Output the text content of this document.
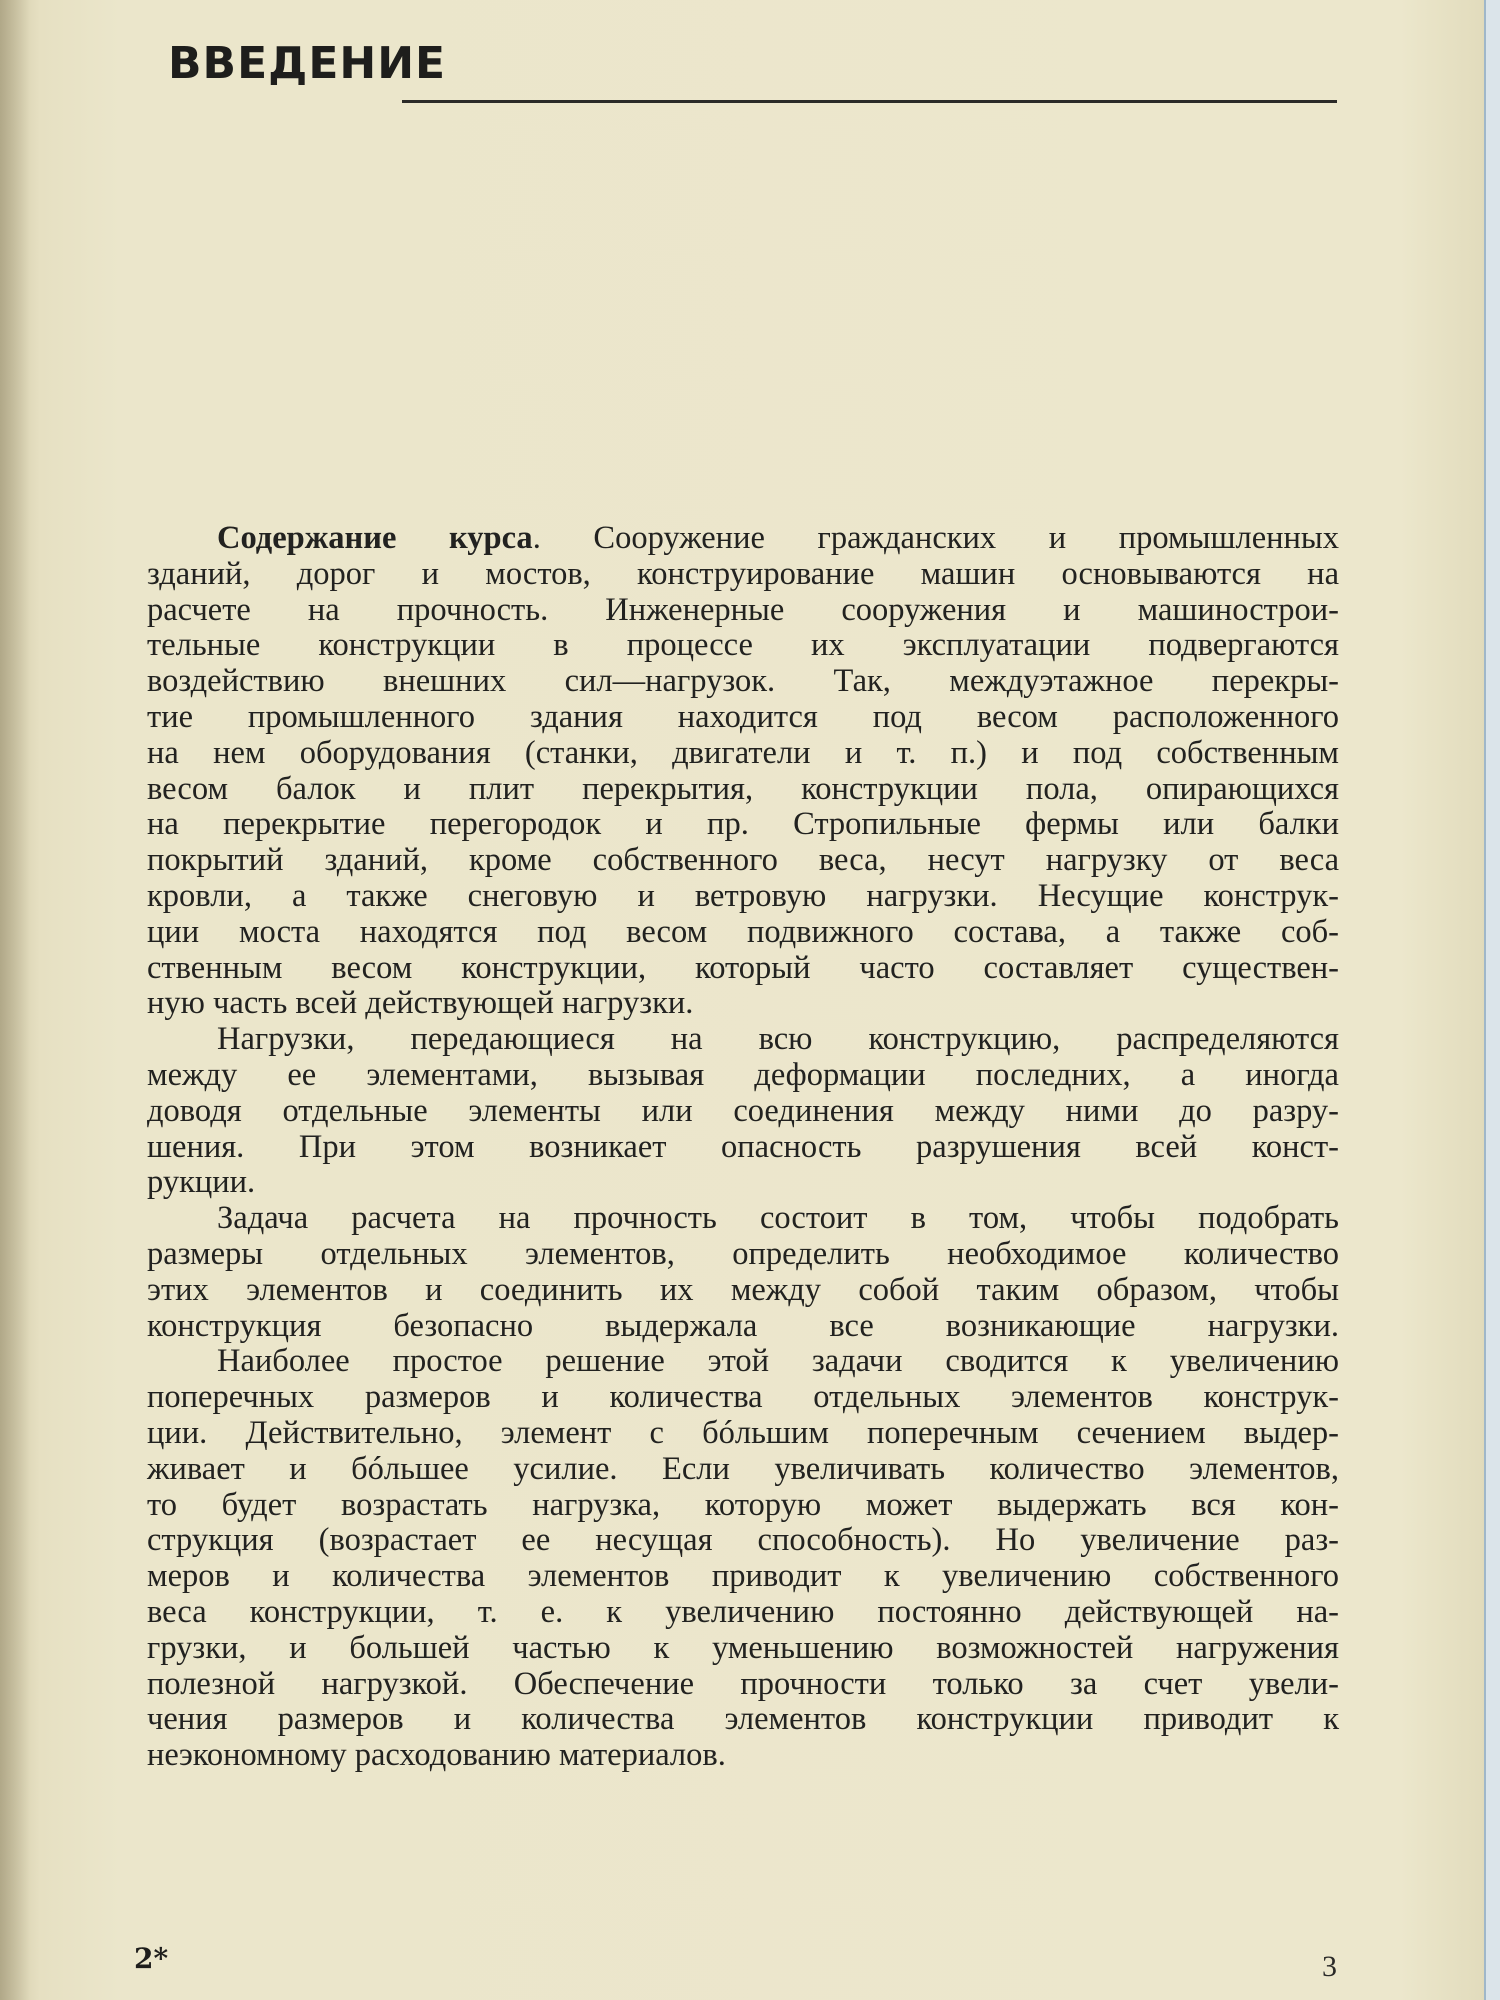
ВВЕДЕНИЕ
Содержание курса. Сооружение гражданских и промышленных
зданий, дорог и мостов, конструирование машин основываются на
расчете на прочность. Инженерные сооружения и машинострои-
тельные конструкции в процессе их эксплуатации подвергаются
воздействию внешних сил—нагрузок. Так, междуэтажное перекры-
тие промышленного здания находится под весом расположенного
на нем оборудования (станки, двигатели и т. п.) и под собственным
весом балок и плит перекрытия, конструкции пола, опирающихся
на перекрытие перегородок и пр. Стропильные фермы или балки
покрытий зданий, кроме собственного веса, несут нагрузку от веса
кровли, а также снеговую и ветровую нагрузки. Несущие конструк-
ции моста находятся под весом подвижного состава, а также соб-
ственным весом конструкции, который часто составляет существен-
ную часть всей действующей нагрузки.
Нагрузки, передающиеся на всю конструкцию, распределяются
между ее элементами, вызывая деформации последних, а иногда
доводя отдельные элементы или соединения между ними до разру-
шения. При этом возникает опасность разрушения всей конст-
рукции.
Задача расчета на прочность состоит в том, чтобы подобрать
размеры отдельных элементов, определить необходимое количество
этих элементов и соединить их между собой таким образом, чтобы
конструкция безопасно выдержала все возникающие нагрузки.
Наиболее простое решение этой задачи сводится к увеличению
поперечных размеров и количества отдельных элементов конструк-
ции. Действительно, элемент с бóльшим поперечным сечением выдер-
живает и бóльшее усилие. Если увеличивать количество элементов,
то будет возрастать нагрузка, которую может выдержать вся кон-
струкция (возрастает ее несущая способность). Но увеличение раз-
меров и количества элементов приводит к увеличению собственного
веса конструкции, т. е. к увеличению постоянно действующей на-
грузки, и большей частью к уменьшению возможностей нагружения
полезной нагрузкой. Обеспечение прочности только за счет увели-
чения размеров и количества элементов конструкции приводит к
неэкономному расходованию материалов.
2*	3
